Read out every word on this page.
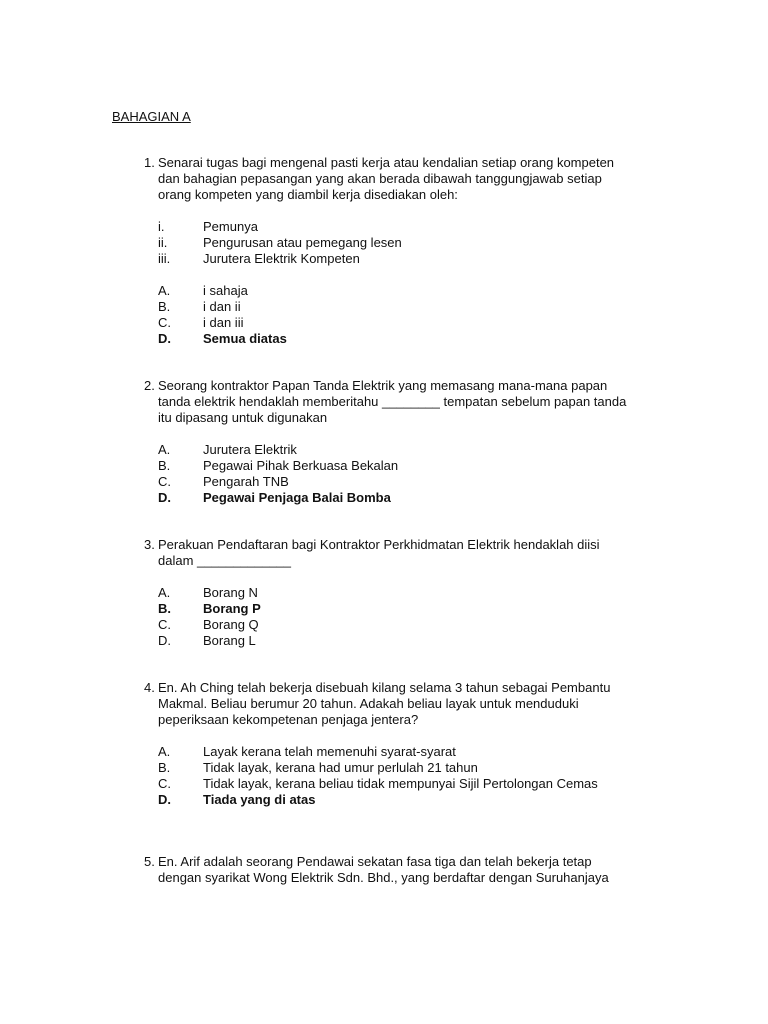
BAHAGIAN A
1. Senarai tugas bagi mengenal pasti kerja atau kendalian setiap orang kompeten
dan bahagian pepasangan yang akan berada dibawah tanggungjawab setiap
orang kompeten yang diambil kerja disediakan oleh:
i.	Pemunya
ii.	Pengurusan atau pemegang lesen
iii.	Jurutera Elektrik Kompeten
A.	i sahaja
B.	i dan ii
C. i dan iii
D. Semua diatas
2. Seorang kontraktor Papan Tanda Elektrik yang memasang mana-mana papan
tanda elektrik hendaklah memberitahu ________ tempatan sebelum papan tanda
itu dipasang untuk digunakan
A.	Jurutera Elektrik
B.	Pegawai Pihak Berkuasa Bekalan
C. Pengarah TNB
D. Pegawai Penjaga Balai Bomba
3. Perakuan Pendaftaran bagi Kontraktor Perkhidmatan Elektrik hendaklah diisi
dalam _____________
A.	Borang N
B. Borang P
C. Borang Q
D. Borang L
4. En. Ah Ching telah bekerja disebuah kilang selama 3 tahun sebagai Pembantu
Makmal. Beliau berumur 20 tahun. Adakah beliau layak untuk menduduki
peperiksaan kekompetenan penjaga jentera?
A.	Layak kerana telah memenuhi syarat-syarat
B.	Tidak layak, kerana had umur perlulah 21 tahun
C. Tidak layak, kerana beliau tidak mempunyai Sijil Pertolongan Cemas
D. Tiada yang di atas
5. En. Arif adalah seorang Pendawai sekatan fasa tiga dan telah bekerja tetap
dengan syarikat Wong Elektrik Sdn. Bhd., yang berdaftar dengan Suruhanjaya
